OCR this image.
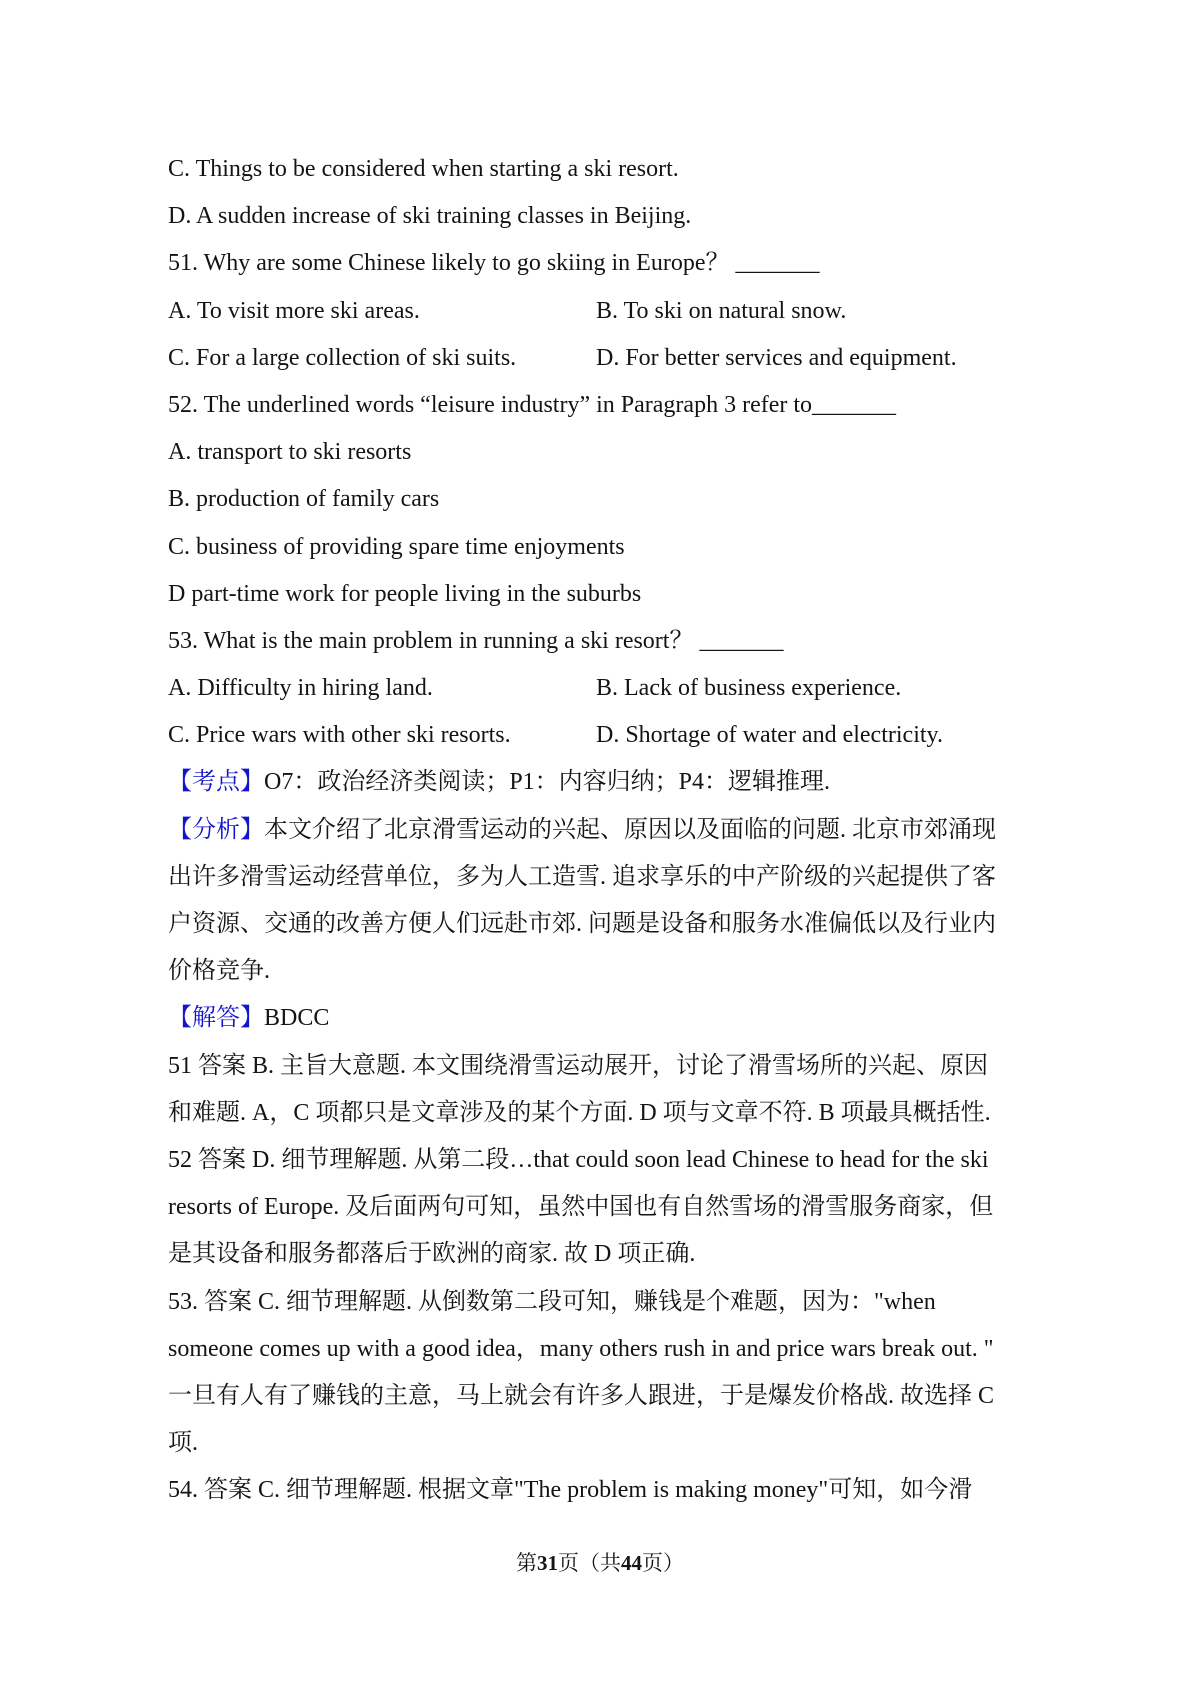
C. Things to be considered when starting a ski resort.
D. A sudden increase of ski training classes in Beijing.
51. Why are some Chinese likely to go skiing in Europe？ _______
A. To visit more ski areas.	B. To ski on natural snow.
C. For a large collection of ski suits.	D. For better services and equipment.
52. The underlined words “leisure industry” in Paragraph 3 refer to_______
A. transport to ski resorts
B. production of family cars
C. business of providing spare time enjoyments
D part-time work for people living in the suburbs
53. What is the main problem in running a ski resort？ _______
A. Difficulty in hiring land.	B. Lack of business experience.
C. Price wars with other ski resorts.	D. Shortage of water and electricity.
【考点】O7：政治经济类阅读；P1：内容归纳；P4：逻辑推理.
【分析】本文介绍了北京滑雪运动的兴起、原因以及面临的问题. 北京市郊涌现
出许多滑雪运动经营单位，多为人工造雪. 追求享乐的中产阶级的兴起提供了客
户资源、交通的改善方便人们远赴市郊. 问题是设备和服务水准偏低以及行业内
价格竞争.
【解答】BDCC
51 答案 B. 主旨大意题. 本文围绕滑雪运动展开，讨论了滑雪场所的兴起、原因
和难题. A，C 项都只是文章涉及的某个方面. D 项与文章不符. B 项最具概括性.
52 答案 D. 细节理解题. 从第二段…that could soon lead Chinese to head for the ski
resorts of Europe. 及后面两句可知，虽然中国也有自然雪场的滑雪服务商家，但
是其设备和服务都落后于欧洲的商家. 故 D 项正确.
53. 答案 C. 细节理解题. 从倒数第二段可知，赚钱是个难题，因为："when
someone comes up with a good idea，many others rush in and price wars break out. "
一旦有人有了赚钱的主意，马上就会有许多人跟进，于是爆发价格战. 故选择 C
项.
54. 答案 C. 细节理解题. 根据文章"The problem is making money"可知，如今滑
第31页（共44页）
